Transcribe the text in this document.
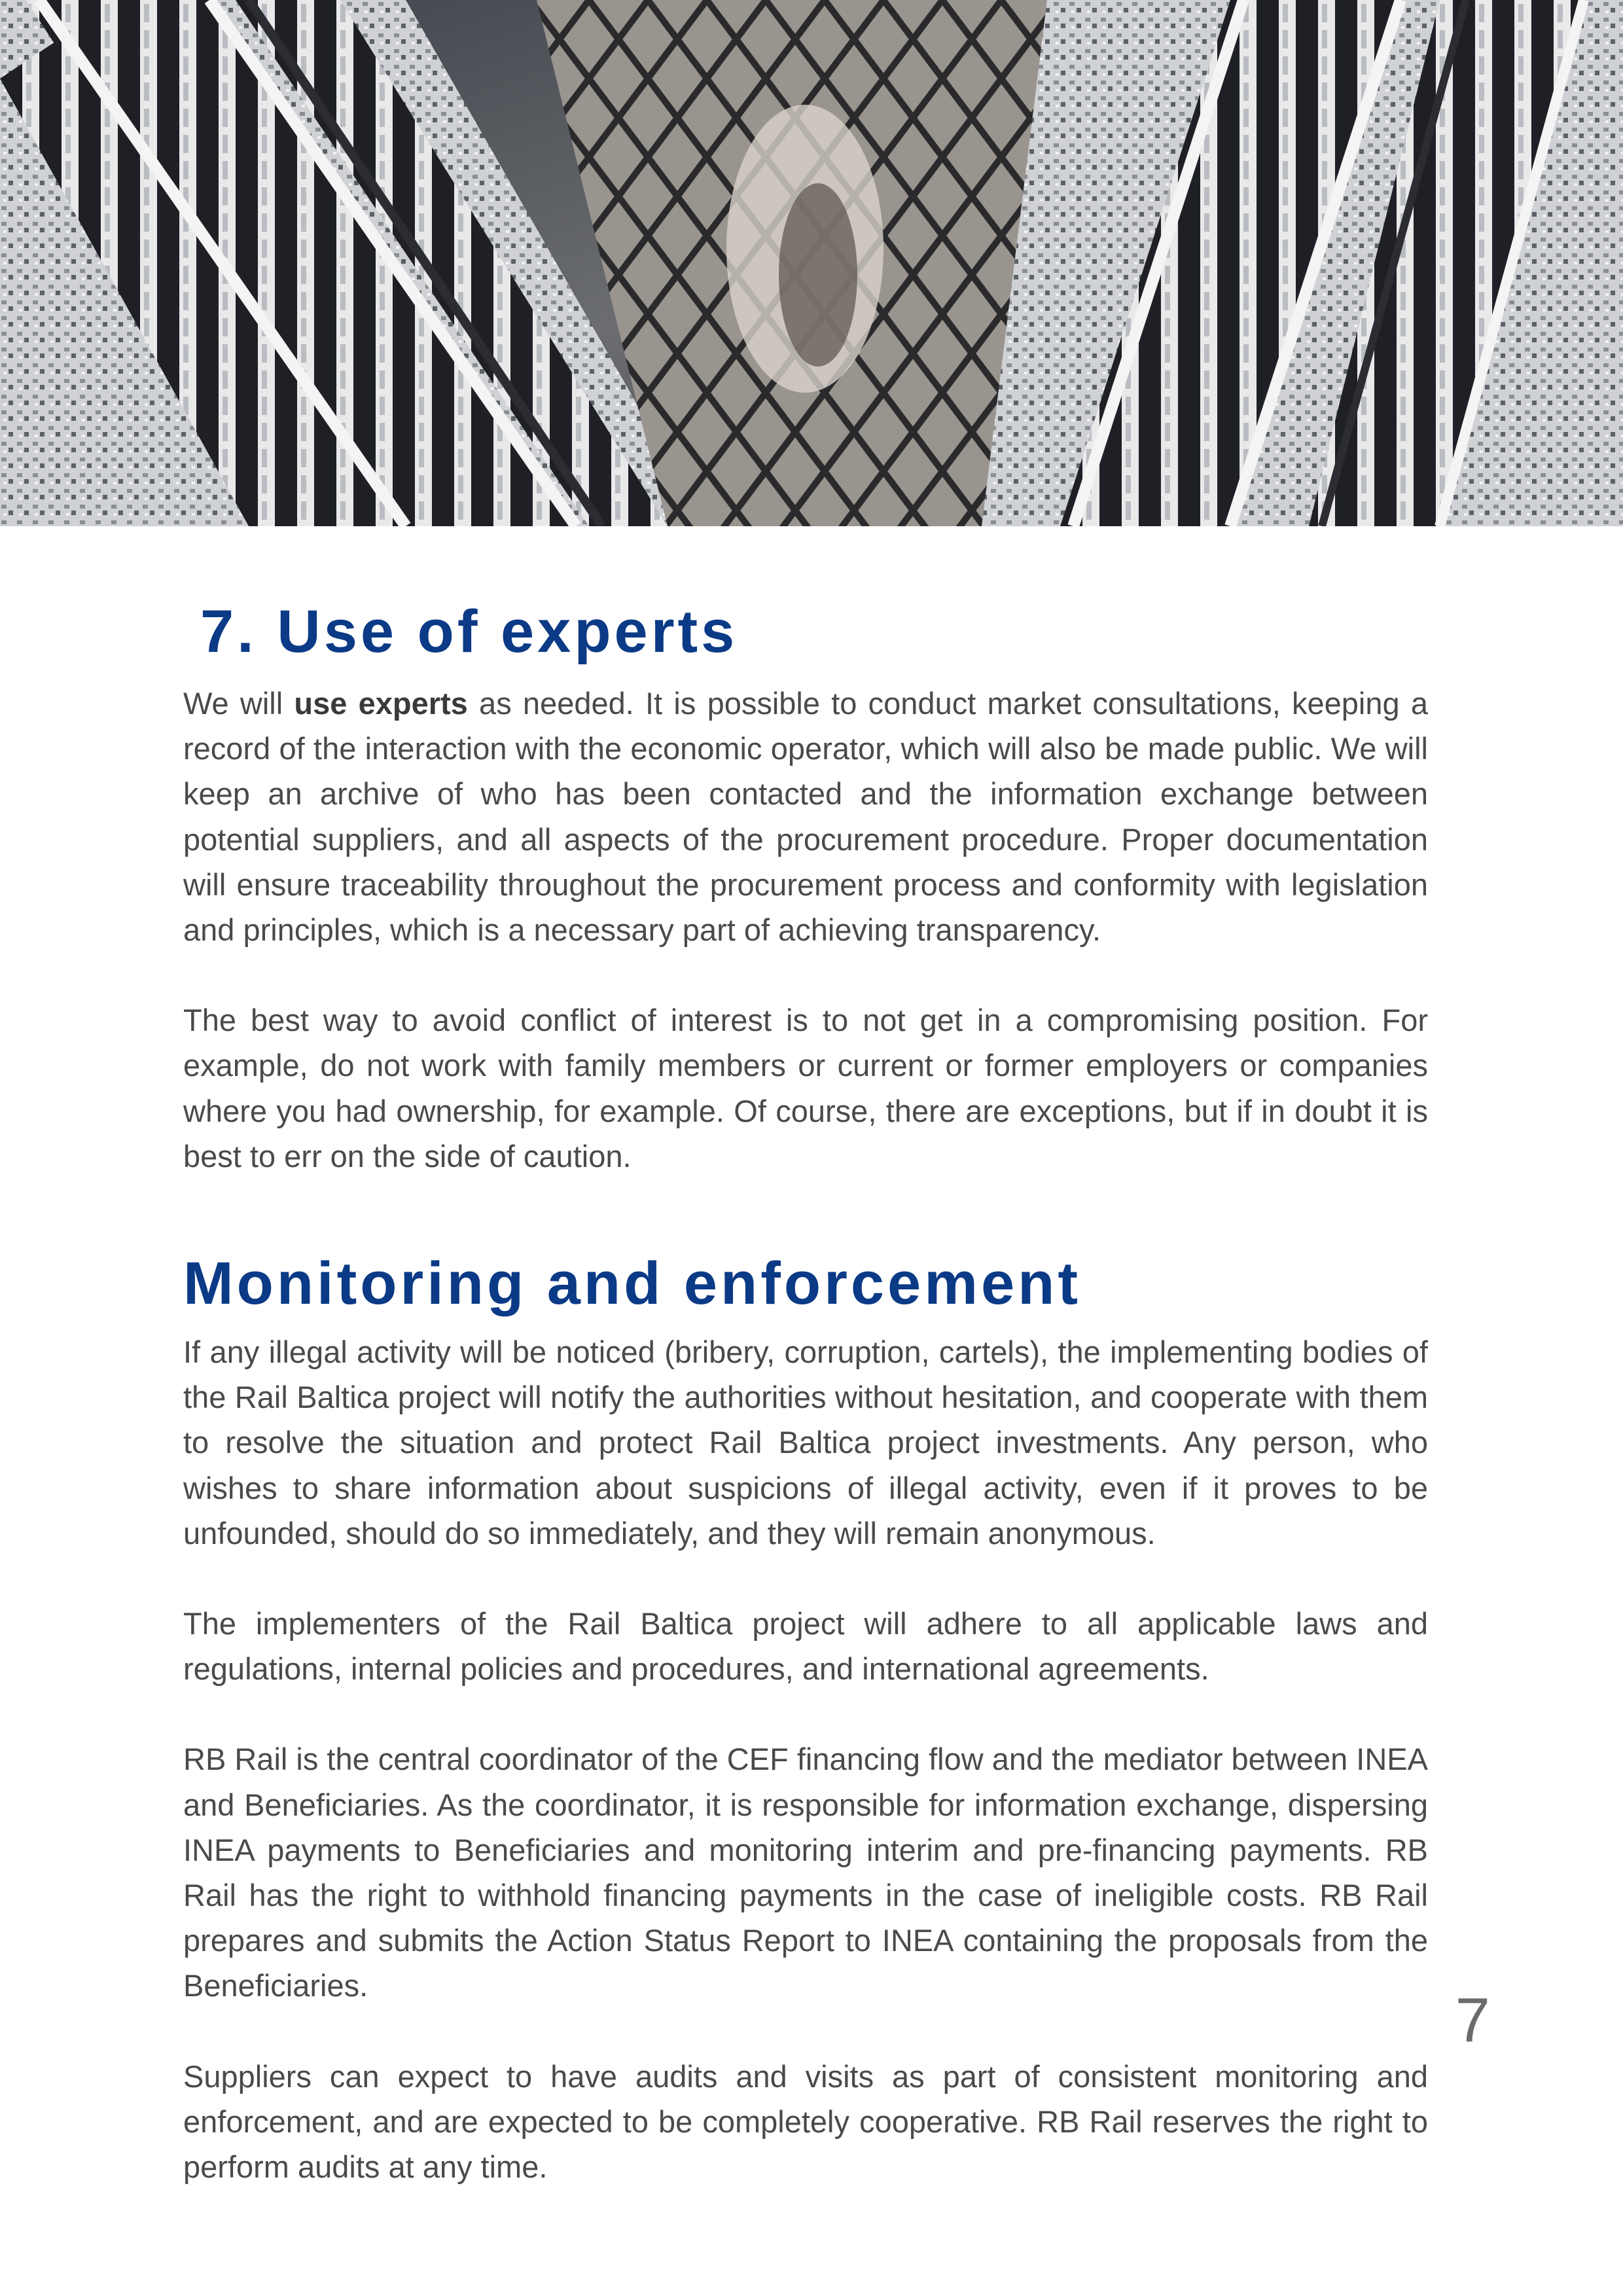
7. Use of experts

We will use experts as needed. It is possible to conduct market consultations, keeping a record of the interaction with the economic operator, which will also be made public. We will keep an archive of who has been contacted and the information exchange between potential suppliers, and all aspects of the procurement procedure. Proper documentation will ensure traceability throughout the procurement process and conformity with legislation and principles, which is a necessary part of achieving transparency.

The best way to avoid conflict of interest is to not get in a compromising position. For example, do not work with family members or current or former employers or companies where you had ownership, for example. Of course, there are exceptions, but if in doubt it is best to err on the side of caution.

Monitoring and enforcement

If any illegal activity will be noticed (bribery, corruption, cartels), the implementing bodies of the Rail Baltica project will notify the authorities without hesitation, and cooperate with them to resolve the situation and protect Rail Baltica project investments. Any person, who wishes to share information about suspicions of illegal activity, even if it proves to be unfounded, should do so immediately, and they will remain anonymous.

The implementers of the Rail Baltica project will adhere to all applicable laws and regulations, internal policies and procedures, and international agreements.

RB Rail is the central coordinator of the CEF financing flow and the mediator between INEA and Beneficiaries. As the coordinator, it is responsible for information exchange, dispersing INEA payments to Beneficiaries and monitoring interim and pre-financing payments. RB Rail has the right to withhold financing payments in the case of ineligible costs. RB Rail prepares and submits the Action Status Report to INEA containing the proposals from the Beneficiaries.

Suppliers can expect to have audits and visits as part of consistent monitoring and enforcement, and are expected to be completely cooperative. RB Rail reserves the right to perform audits at any time.

7
